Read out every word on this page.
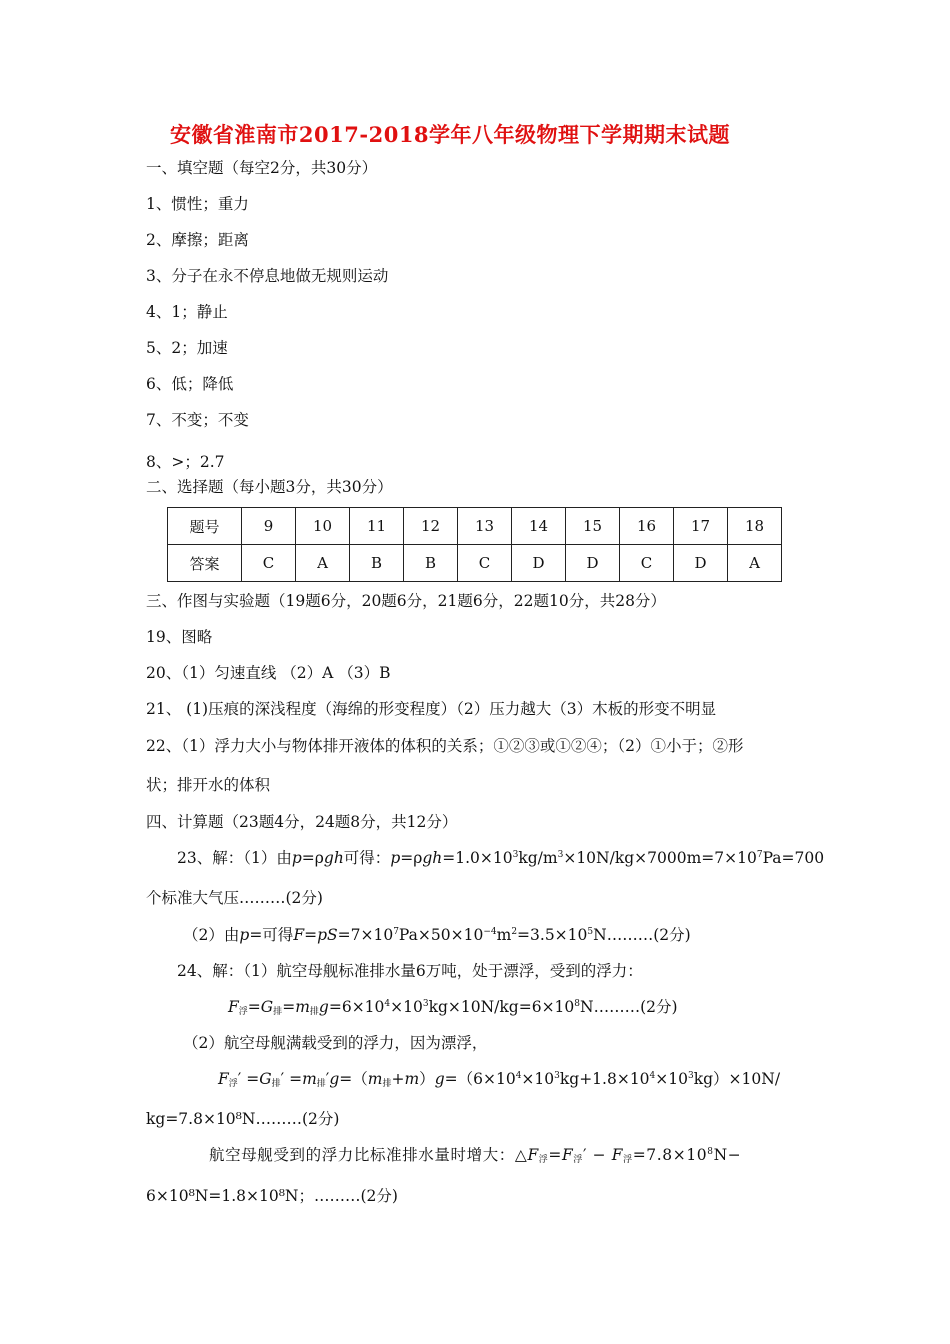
安徽省淮南市2017-2018学年八年级物理下学期期末试题
一、填空题（每空2分，共30分）
1、惯性；重力
2、摩擦；距离
3、分子在永不停息地做无规则运动
4、1；静止
5、2；加速
6、低；降低
7、不变；不变
8、>；2.7
二、选择题（每小题3分，共30分）
题号	9	10	11	12	13	14	15	16	17	18
答案	C	A	B	B	C	D	D	C	D	A
三、作图与实验题（19题6分，20题6分，21题6分，22题10分，共28分）
19、图略
20、（1）匀速直线 （2）A （3）B
21、 (1)压痕的深浅程度（海绵的形变程度）（2）压力越大（3）木板的形变不明显
22、（1）浮力大小与物体排开液体的体积的关系；①②③或①②④；（2）①小于；②形
状；排开水的体积
四、计算题（23题4分，24题8分，共12分）
23、解：（1）由p=ρgh可得：$p=\rho gh=1.0\times 10^3kg/m^3\times 10N/kg\times 7000m=7\times 10^7Pa=700$
个标准大气压………(2分)
（2）由p=可得$F=pS=7\times 10^7Pa\times 50\times 10^{-4}m^2=3.5\times 10^5N\dots\dots\dots(2$分)
24、解：（1）航空母舰标准排水量6万吨，处于漂浮，受到的浮力：
$F_浮=G_排=m_排g=6\times 10^4\times 10^3kg\times 10N/kg=6\times 10^8N\dots\dots\dots(2$分)
（2）航空母舰满载受到的浮力，因为漂浮，
$F_浮' =G_排' =m_排'g=(m_排+m)g=(6\times 10^4\times 10^3kg+1.8\times 10^4\times 10^3kg)\times 10N/$
kg=7.8×10⁸N………(2分)
航空母舰受到的浮力比标准排水量时增大：$\triangle F_浮=F_浮' - F_浮=7.8\times 10^8N-$
6×10⁸N=1.8×10⁸N；………(2分)
